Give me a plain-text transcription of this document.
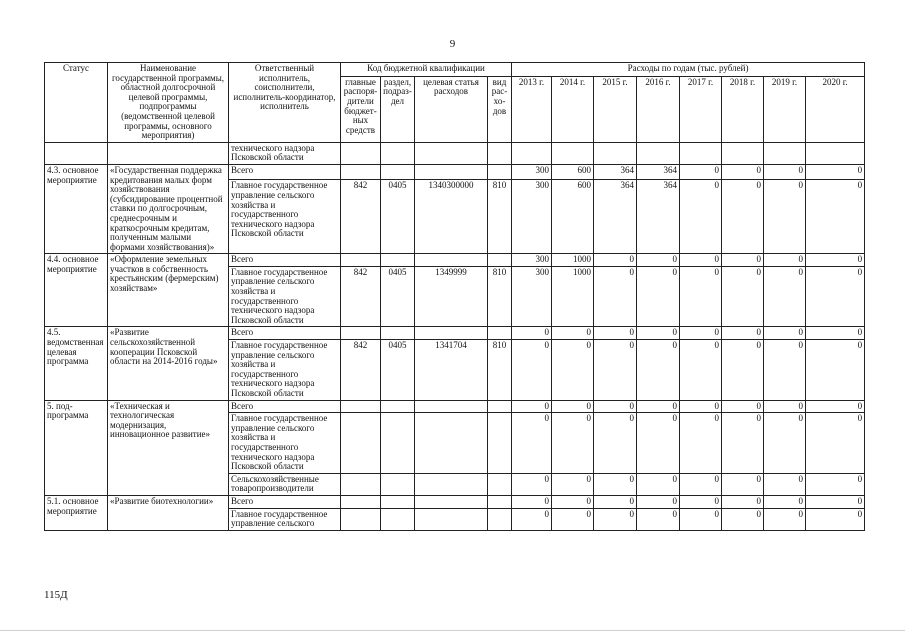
9
Статус	Наименование государственной программы, областной долгосрочной целевой программы, подпрограммы (ведомственной целевой программы, основного мероприятия)	Ответственный исполнитель, соисполнители, исполнитель-координатор, исполнитель	Код бюджетной квалификации				Расходы по годам (тыс. рублей)							
			главные распоря-дители бюджет-ных средств	раздел, подраз-дел	целевая статья расходов	вид рас-хо-дов	2013 г.	2014 г.	2015 г.	2016 г.	2017 г.	2018 г.	2019 г.	2020 г.
		технического надзора Псковской области												
4.3. основное мероприятие	«Государственная поддержка кредитования малых форм хозяйствования (субсидирование процентной ставки по долгосрочным, среднесрочным и краткосрочным кредитам, полученным малыми формами хозяйствования)»	Всего					300	600	364	364	0	0	0	0
		Главное государственное управление сельского хозяйства и государственного технического надзора Псковской области	842	0405	1340300000	810	300	600	364	364	0	0	0	0
4.4. основное мероприятие	«Оформление земельных участков в собственность крестьянским (фермерским) хозяйствам»	Всего					300	1000	0	0	0	0	0	0
		Главное государственное управление сельского хозяйства и государственного технического надзора Псковской области	842	0405	1349999	810	300	1000	0	0	0	0	0	0
4.5. ведомственная целевая программа	«Развитие сельскохозяйственной кооперации Псковской области на 2014-2016 годы»	Всего					0	0	0	0	0	0	0	0
		Главное государственное управление сельского хозяйства и государственного технического надзора Псковской области	842	0405	1341704	810	0	0	0	0	0	0	0	0
5. под-программа	«Техническая и технологическая модернизация, инновационное развитие»	Всего					0	0	0	0	0	0	0	0
		Главное государственное управление сельского хозяйства и государственного технического надзора Псковской области					0	0	0	0	0	0	0	0
		Сельскохозяйственные товаропроизводители					0	0	0	0	0	0	0	0
5.1. основное мероприятие	«Развитие биотехнологии»	Всего					0	0	0	0	0	0	0	0
		Главное государственное управление сельского					0	0	0	0	0	0	0	0
115Д
